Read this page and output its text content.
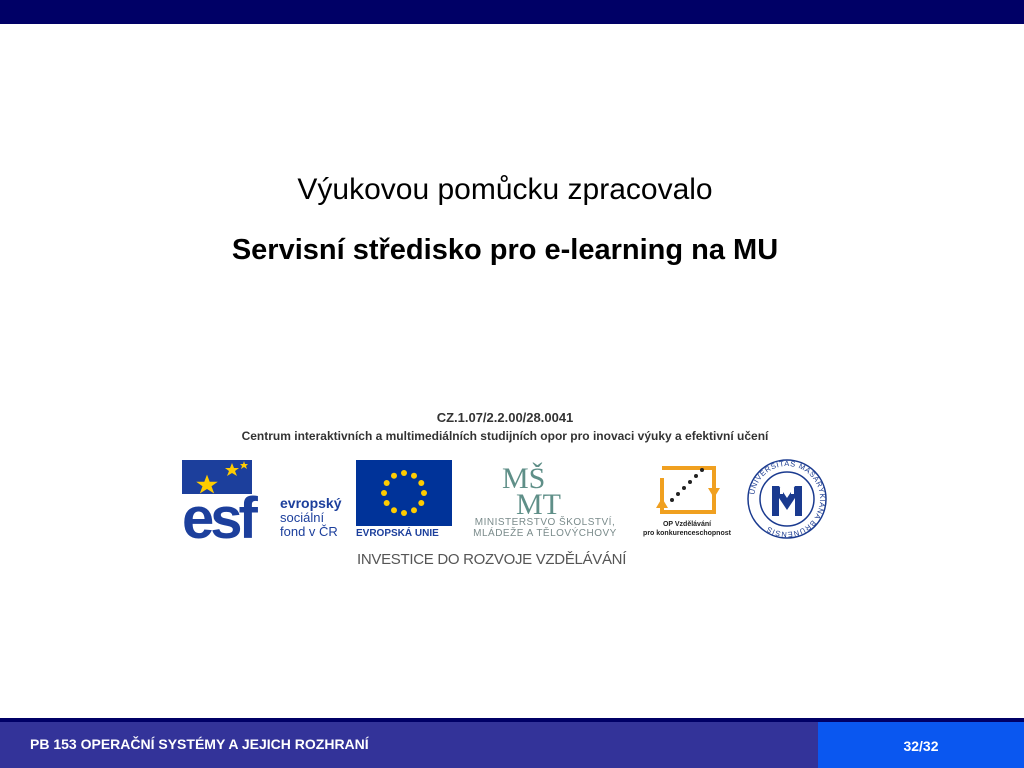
Výukovou pomůcku zpracovalo
Servisní středisko pro e-learning na MU
CZ.1.07/2.2.00/28.0041
Centrum interaktivních a multimediálních studijních opor pro inovaci výuky a efektivní učení
esf	evropský
sociální
fond v ČR	EVROPSKÁ UNIE
MŠ
MT
MINISTERSTVO ŠKOLSTVÍ,
MLÁDEŽE A TĚLOVÝCHOVY
OP Vzdělávání
pro konkurenceschopnost
UNIVERSITAS MASARYKIANA BRUNENSIS
INVESTICE DO ROZVOJE VZDĚLÁVÁNÍ
PB 153 OPERAČNÍ SYSTÉMY A JEJICH ROZHRANÍ	32/32
